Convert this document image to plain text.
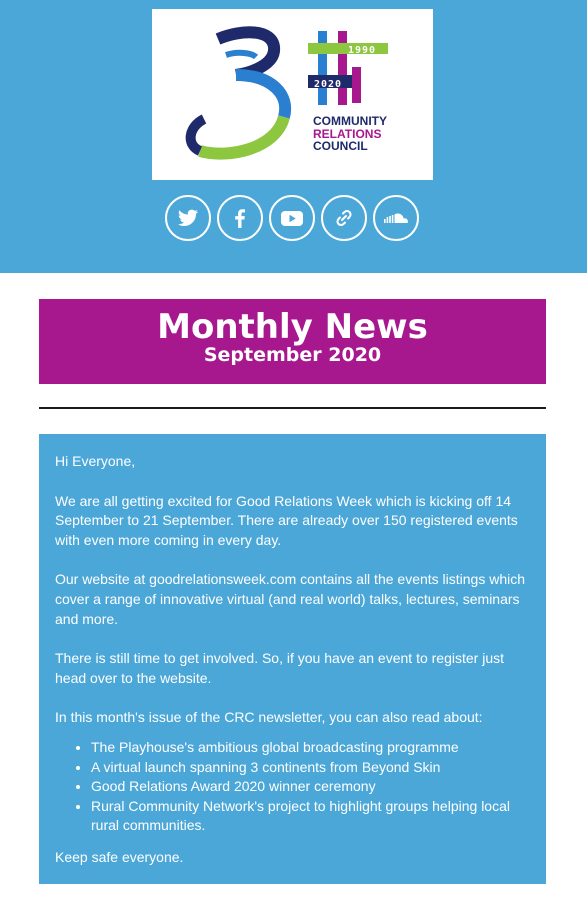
1990
2020
COMMUNITY
RELATIONS
COUNCIL
Monthly News
September 2020

Hi Everyone,

We are all getting excited for Good Relations Week which is kicking off 14 September to 21 September. There are already over 150 registered events with even more coming in every day.

Our website at goodrelationsweek.com contains all the events listings which cover a range of innovative virtual (and real world) talks, lectures, seminars and more.

There is still time to get involved. So, if you have an event to register just head over to the website.

In this month's issue of the CRC newsletter, you can also read about:

• The Playhouse's ambitious global broadcasting programme
• A virtual launch spanning 3 continents from Beyond Skin
• Good Relations Award 2020 winner ceremony
• Rural Community Network's project to highlight groups helping local rural communities.

Keep safe everyone.
